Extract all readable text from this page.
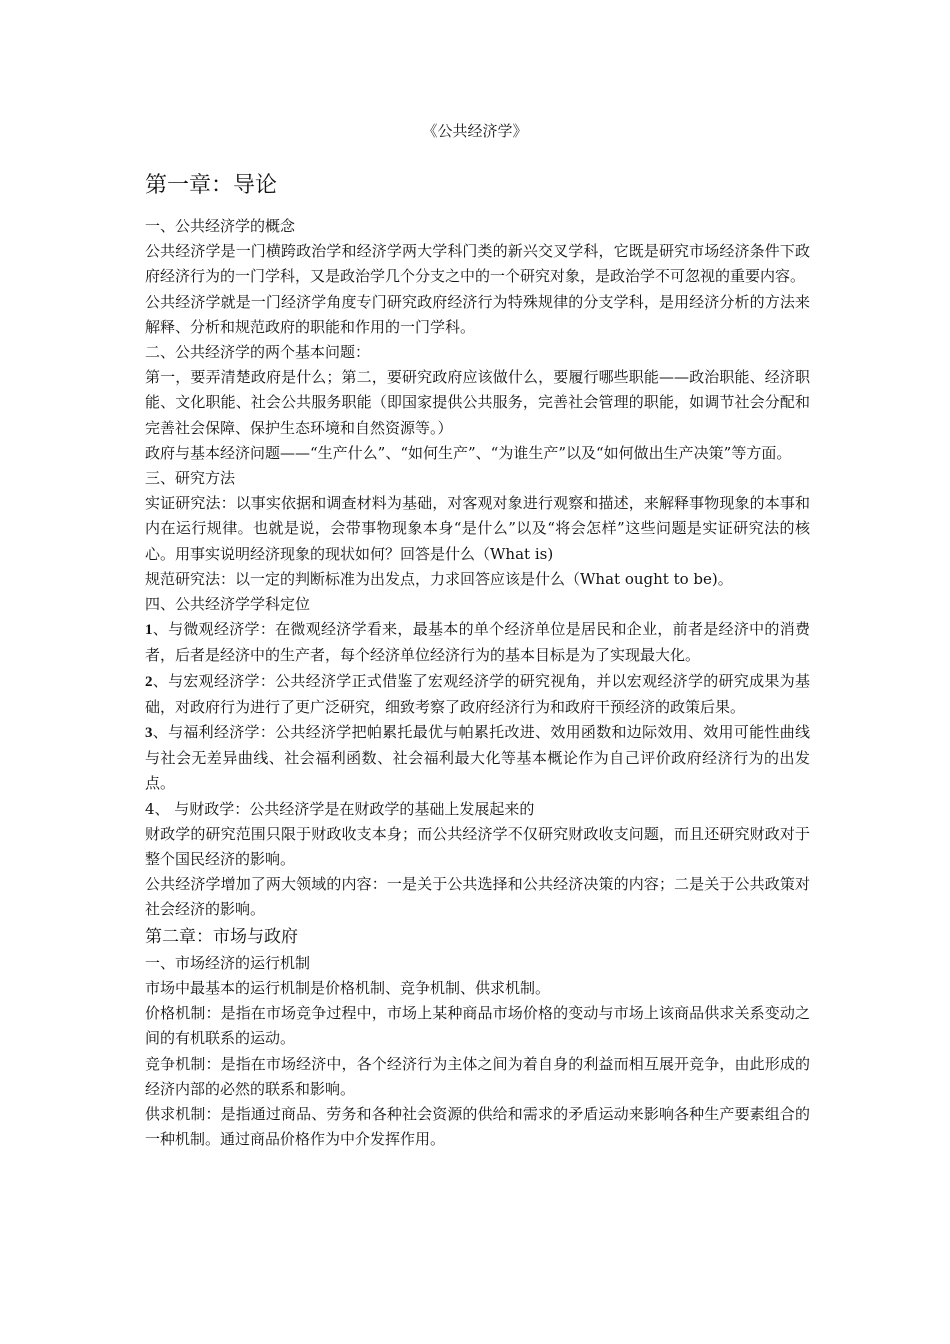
《公共经济学》

第一章：导论

一、公共经济学的概念

公共经济学是一门横跨政治学和经济学两大学科门类的新兴交叉学科，它既是研究市场经济条件下政府经济行为的一门学科，又是政治学几个分支之中的一个研究对象，是政治学不可忽视的重要内容。

公共经济学就是一门经济学角度专门研究政府经济行为特殊规律的分支学科，是用经济分析的方法来解释、分析和规范政府的职能和作用的一门学科。

二、公共经济学的两个基本问题：

第一，要弄清楚政府是什么；第二，要研究政府应该做什么，要履行哪些职能——政治职能、经济职能、文化职能、社会公共服务职能（即国家提供公共服务，完善社会管理的职能，如调节社会分配和完善社会保障、保护生态环境和自然资源等。）

政府与基本经济问题——“生产什么”、“如何生产”、“为谁生产”以及“如何做出生产决策”等方面。

三、研究方法

实证研究法：以事实依据和调查材料为基础，对客观对象进行观察和描述，来解释事物现象的本事和内在运行规律。也就是说，会带事物现象本身“是什么”以及“将会怎样”这些问题是实证研究法的核心。用事实说明经济现象的现状如何？回答是什么（What is)

规范研究法：以一定的判断标准为出发点，力求回答应该是什么（What ought to be)。

四、公共经济学学科定位

1、与微观经济学：在微观经济学看来，最基本的单个经济单位是居民和企业，前者是经济中的消费者，后者是经济中的生产者，每个经济单位经济行为的基本目标是为了实现最大化。

2、与宏观经济学：公共经济学正式借鉴了宏观经济学的研究视角，并以宏观经济学的研究成果为基础，对政府行为进行了更广泛研究，细致考察了政府经济行为和政府干预经济的政策后果。

3、与福利经济学：公共经济学把帕累托最优与帕累托改进、效用函数和边际效用、效用可能性曲线与社会无差异曲线、社会福利函数、社会福利最大化等基本概论作为自己评价政府经济行为的出发点。

4、 与财政学：公共经济学是在财政学的基础上发展起来的

财政学的研究范围只限于财政收支本身；而公共经济学不仅研究财政收支问题，而且还研究财政对于整个国民经济的影响。

公共经济学增加了两大领域的内容：一是关于公共选择和公共经济决策的内容；二是关于公共政策对社会经济的影响。

第二章：市场与政府

一、市场经济的运行机制

市场中最基本的运行机制是价格机制、竞争机制、供求机制。

价格机制：是指在市场竞争过程中，市场上某种商品市场价格的变动与市场上该商品供求关系变动之间的有机联系的运动。

竞争机制：是指在市场经济中，各个经济行为主体之间为着自身的利益而相互展开竞争，由此形成的经济内部的必然的联系和影响。

供求机制：是指通过商品、劳务和各种社会资源的供给和需求的矛盾运动来影响各种生产要素组合的一种机制。通过商品价格作为中介发挥作用。
